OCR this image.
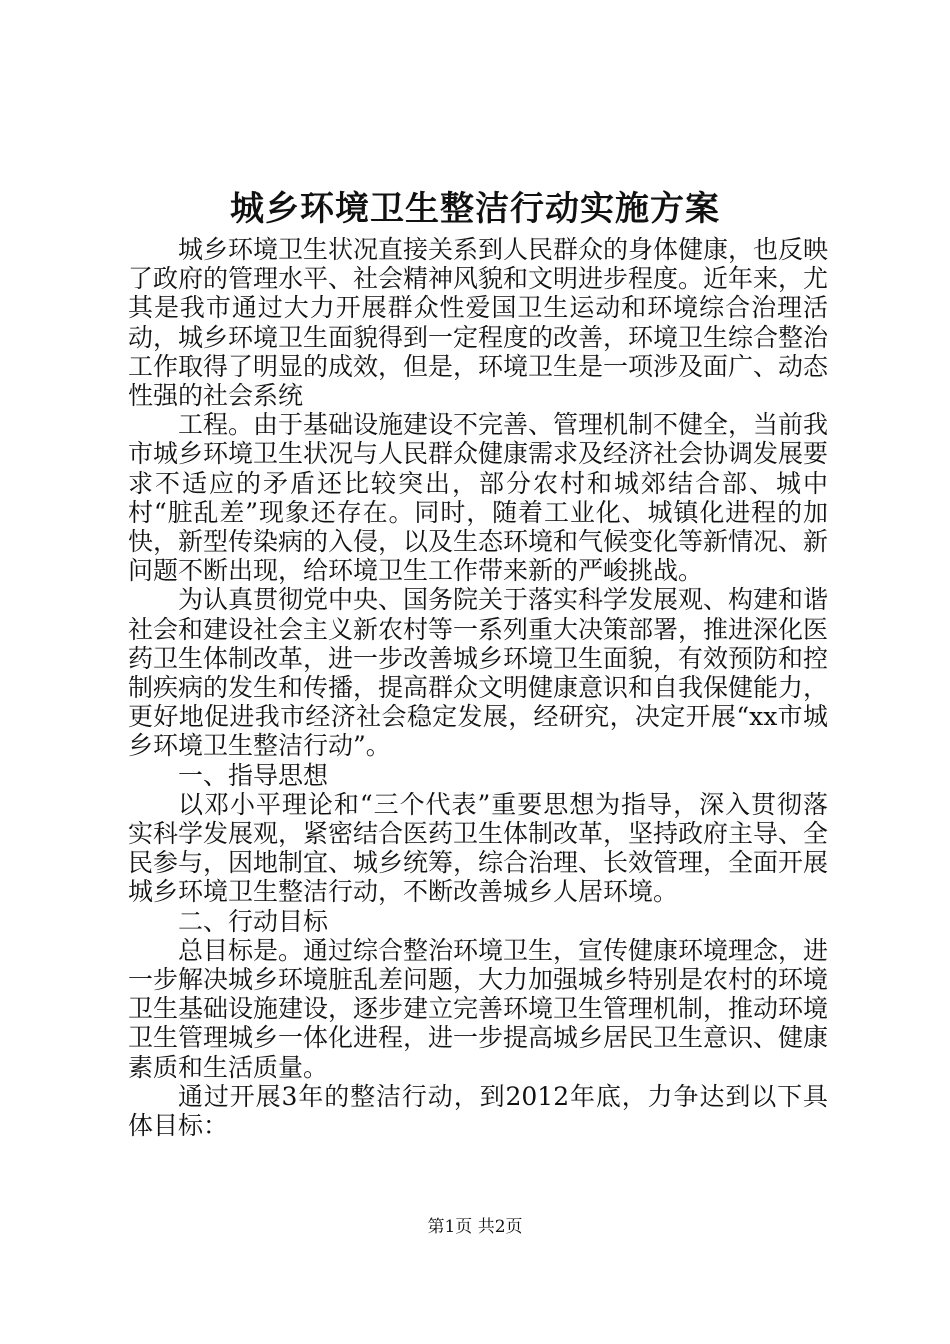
城乡环境卫生整洁行动实施方案

城乡环境卫生状况直接关系到人民群众的身体健康，也反映了政府的管理水平、社会精神风貌和文明进步程度。近年来，尤其是我市通过大力开展群众性爱国卫生运动和环境综合治理活动，城乡环境卫生面貌得到一定程度的改善，环境卫生综合整治工作取得了明显的成效，但是，环境卫生是一项涉及面广、动态性强的社会系统

工程。由于基础设施建设不完善、管理机制不健全，当前我市城乡环境卫生状况与人民群众健康需求及经济社会协调发展要求不适应的矛盾还比较突出，部分农村和城郊结合部、城中村“脏乱差”现象还存在。同时，随着工业化、城镇化进程的加快，新型传染病的入侵，以及生态环境和气候变化等新情况、新问题不断出现，给环境卫生工作带来新的严峻挑战。

为认真贯彻党中央、国务院关于落实科学发展观、构建和谐社会和建设社会主义新农村等一系列重大决策部署，推进深化医药卫生体制改革，进一步改善城乡环境卫生面貌，有效预防和控制疾病的发生和传播，提高群众文明健康意识和自我保健能力，更好地促进我市经济社会稳定发展，经研究，决定开展“xx市城乡环境卫生整洁行动”。

一、指导思想

以邓小平理论和“三个代表”重要思想为指导，深入贯彻落实科学发展观，紧密结合医药卫生体制改革，坚持政府主导、全民参与，因地制宜、城乡统筹，综合治理、长效管理，全面开展城乡环境卫生整洁行动，不断改善城乡人居环境。

二、行动目标

总目标是。通过综合整治环境卫生，宣传健康环境理念，进一步解决城乡环境脏乱差问题，大力加强城乡特别是农村的环境卫生基础设施建设，逐步建立完善环境卫生管理机制，推动环境卫生管理城乡一体化进程，进一步提高城乡居民卫生意识、健康素质和生活质量。

通过开展3年的整洁行动，到2012年底，力争达到以下具体目标：

第1页 共2页
